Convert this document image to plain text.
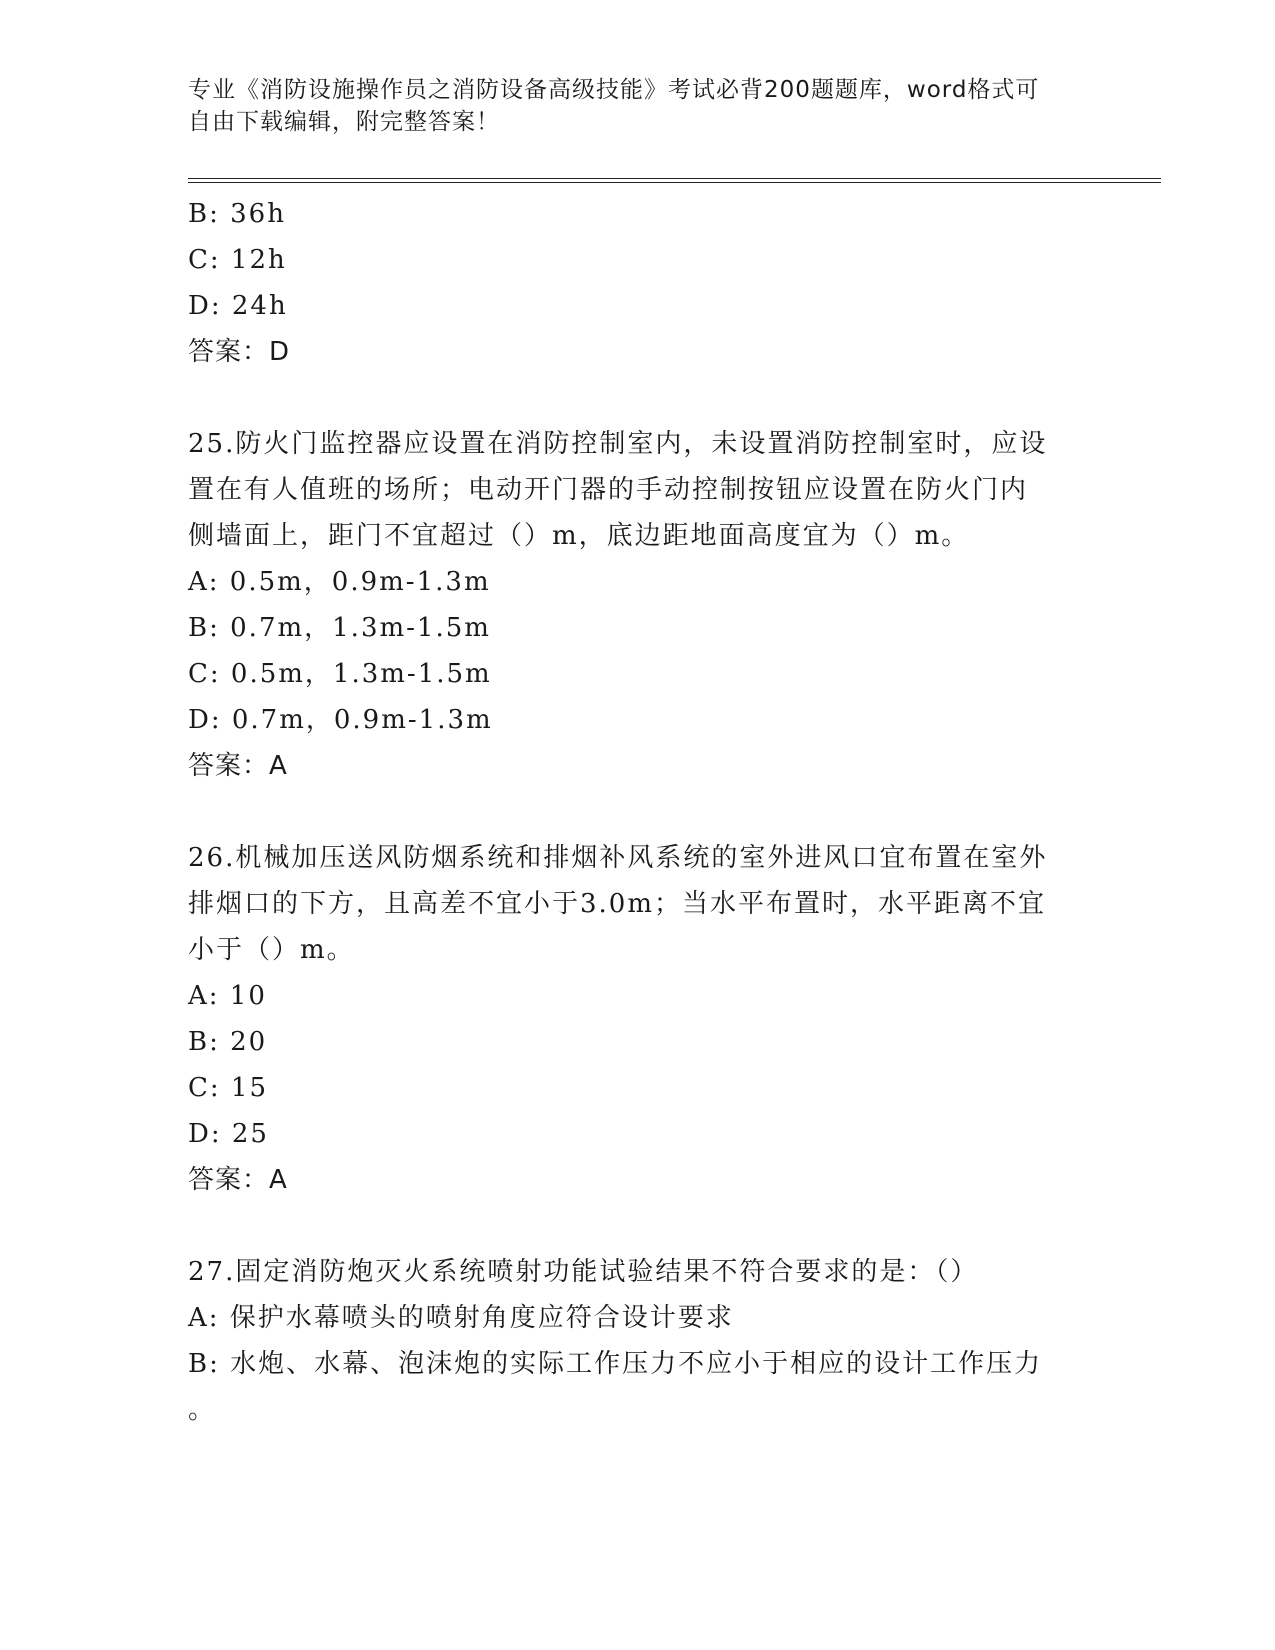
专业《消防设施操作员之消防设备高级技能》考试必背200题题库，word格式可
自由下载编辑，附完整答案！
B: 36h
C: 12h
D: 24h
答案：D
25.防火门监控器应设置在消防控制室内，未设置消防控制室时，应设
置在有人值班的场所；电动开门器的手动控制按钮应设置在防火门内
侧墙面上，距门不宜超过（）m，底边距地面高度宜为（）m。
A: 0.5m，0.9m-1.3m
B: 0.7m，1.3m-1.5m
C: 0.5m，1.3m-1.5m
D: 0.7m，0.9m-1.3m
答案：A
26.机械加压送风防烟系统和排烟补风系统的室外进风口宜布置在室外
排烟口的下方，且高差不宜小于3.0m；当水平布置时，水平距离不宜
小于（）m。
A: 10
B: 20
C: 15
D: 25
答案：A
27.固定消防炮灭火系统喷射功能试验结果不符合要求的是：（）
A: 保护水幕喷头的喷射角度应符合设计要求
B: 水炮、水幕、泡沫炮的实际工作压力不应小于相应的设计工作压力
。
